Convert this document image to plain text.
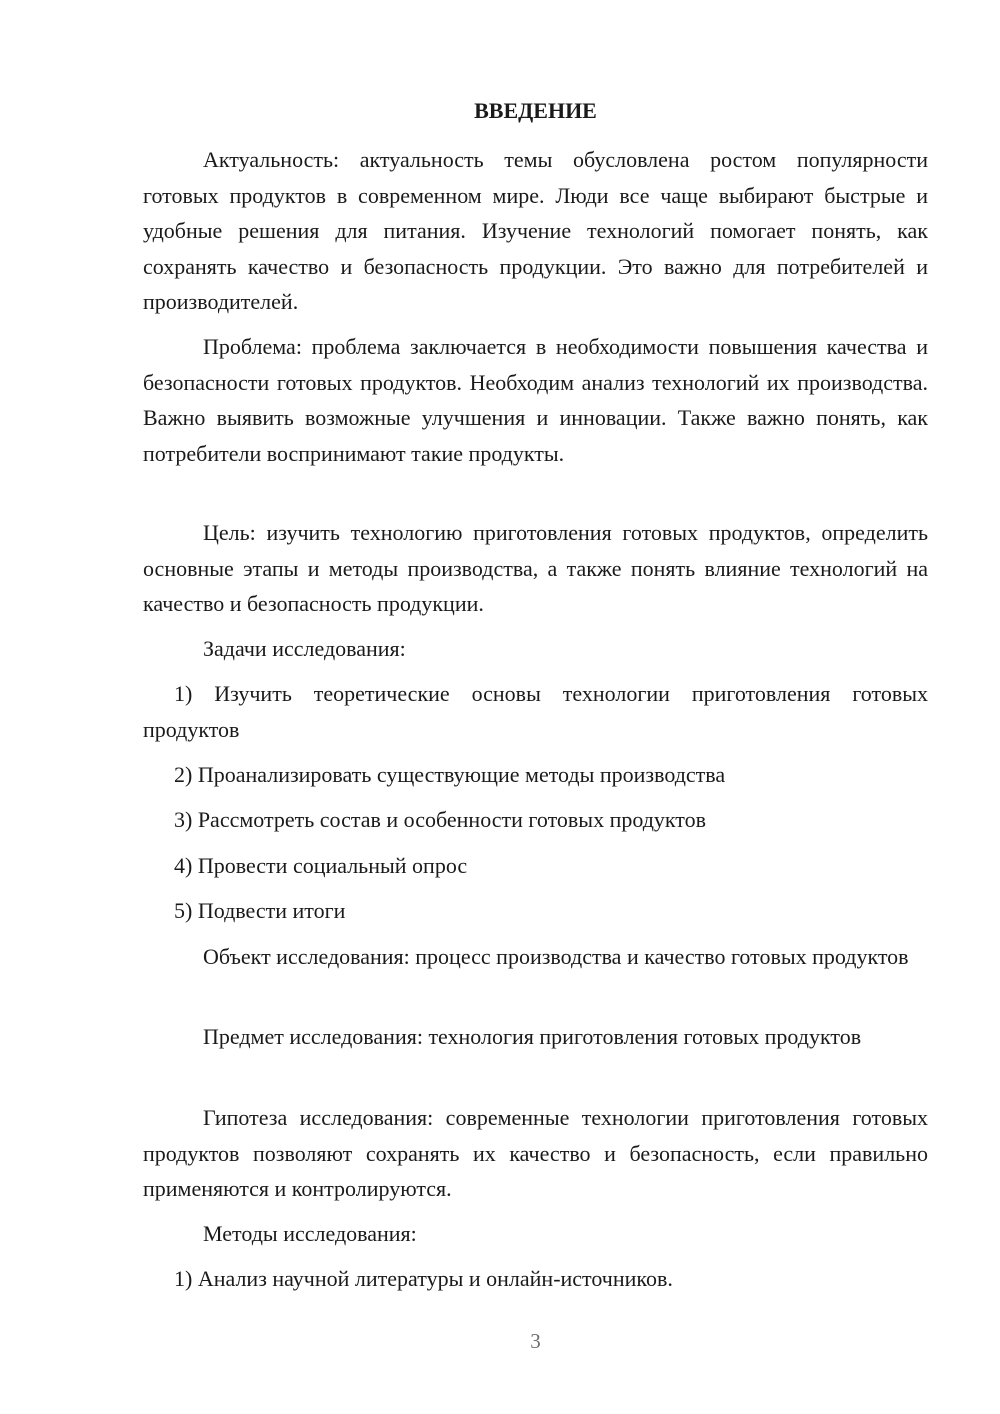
ВВЕДЕНИЕ

Актуальность: актуальность темы обусловлена ростом популярности готовых продуктов в современном мире. Люди все чаще выбирают быстрые и удобные решения для питания. Изучение технологий помогает понять, как сохранять качество и безопасность продукции. Это важно для потребителей и производителей.

Проблема: проблема заключается в необходимости повышения качества и безопасности готовых продуктов. Необходим анализ технологий их производства. Важно выявить возможные улучшения и инновации. Также важно понять, как потребители воспринимают такие продукты.

Цель: изучить технологию приготовления готовых продуктов, определить основные этапы и методы производства, а также понять влияние технологий на качество и безопасность продукции.

Задачи исследования:

1) Изучить теоретические основы технологии приготовления готовых продуктов

2) Проанализировать существующие методы производства

3) Рассмотреть состав и особенности готовых продуктов

4) Провести социальный опрос

5) Подвести итоги

Объект исследования: процесс производства и качество готовых продуктов

Предмет исследования: технология приготовления готовых продуктов

Гипотеза исследования: современные технологии приготовления готовых продуктов позволяют сохранять их качество и безопасность, если правильно применяются и контролируются.

Методы исследования:

1) Анализ научной литературы и онлайн-источников.

3
